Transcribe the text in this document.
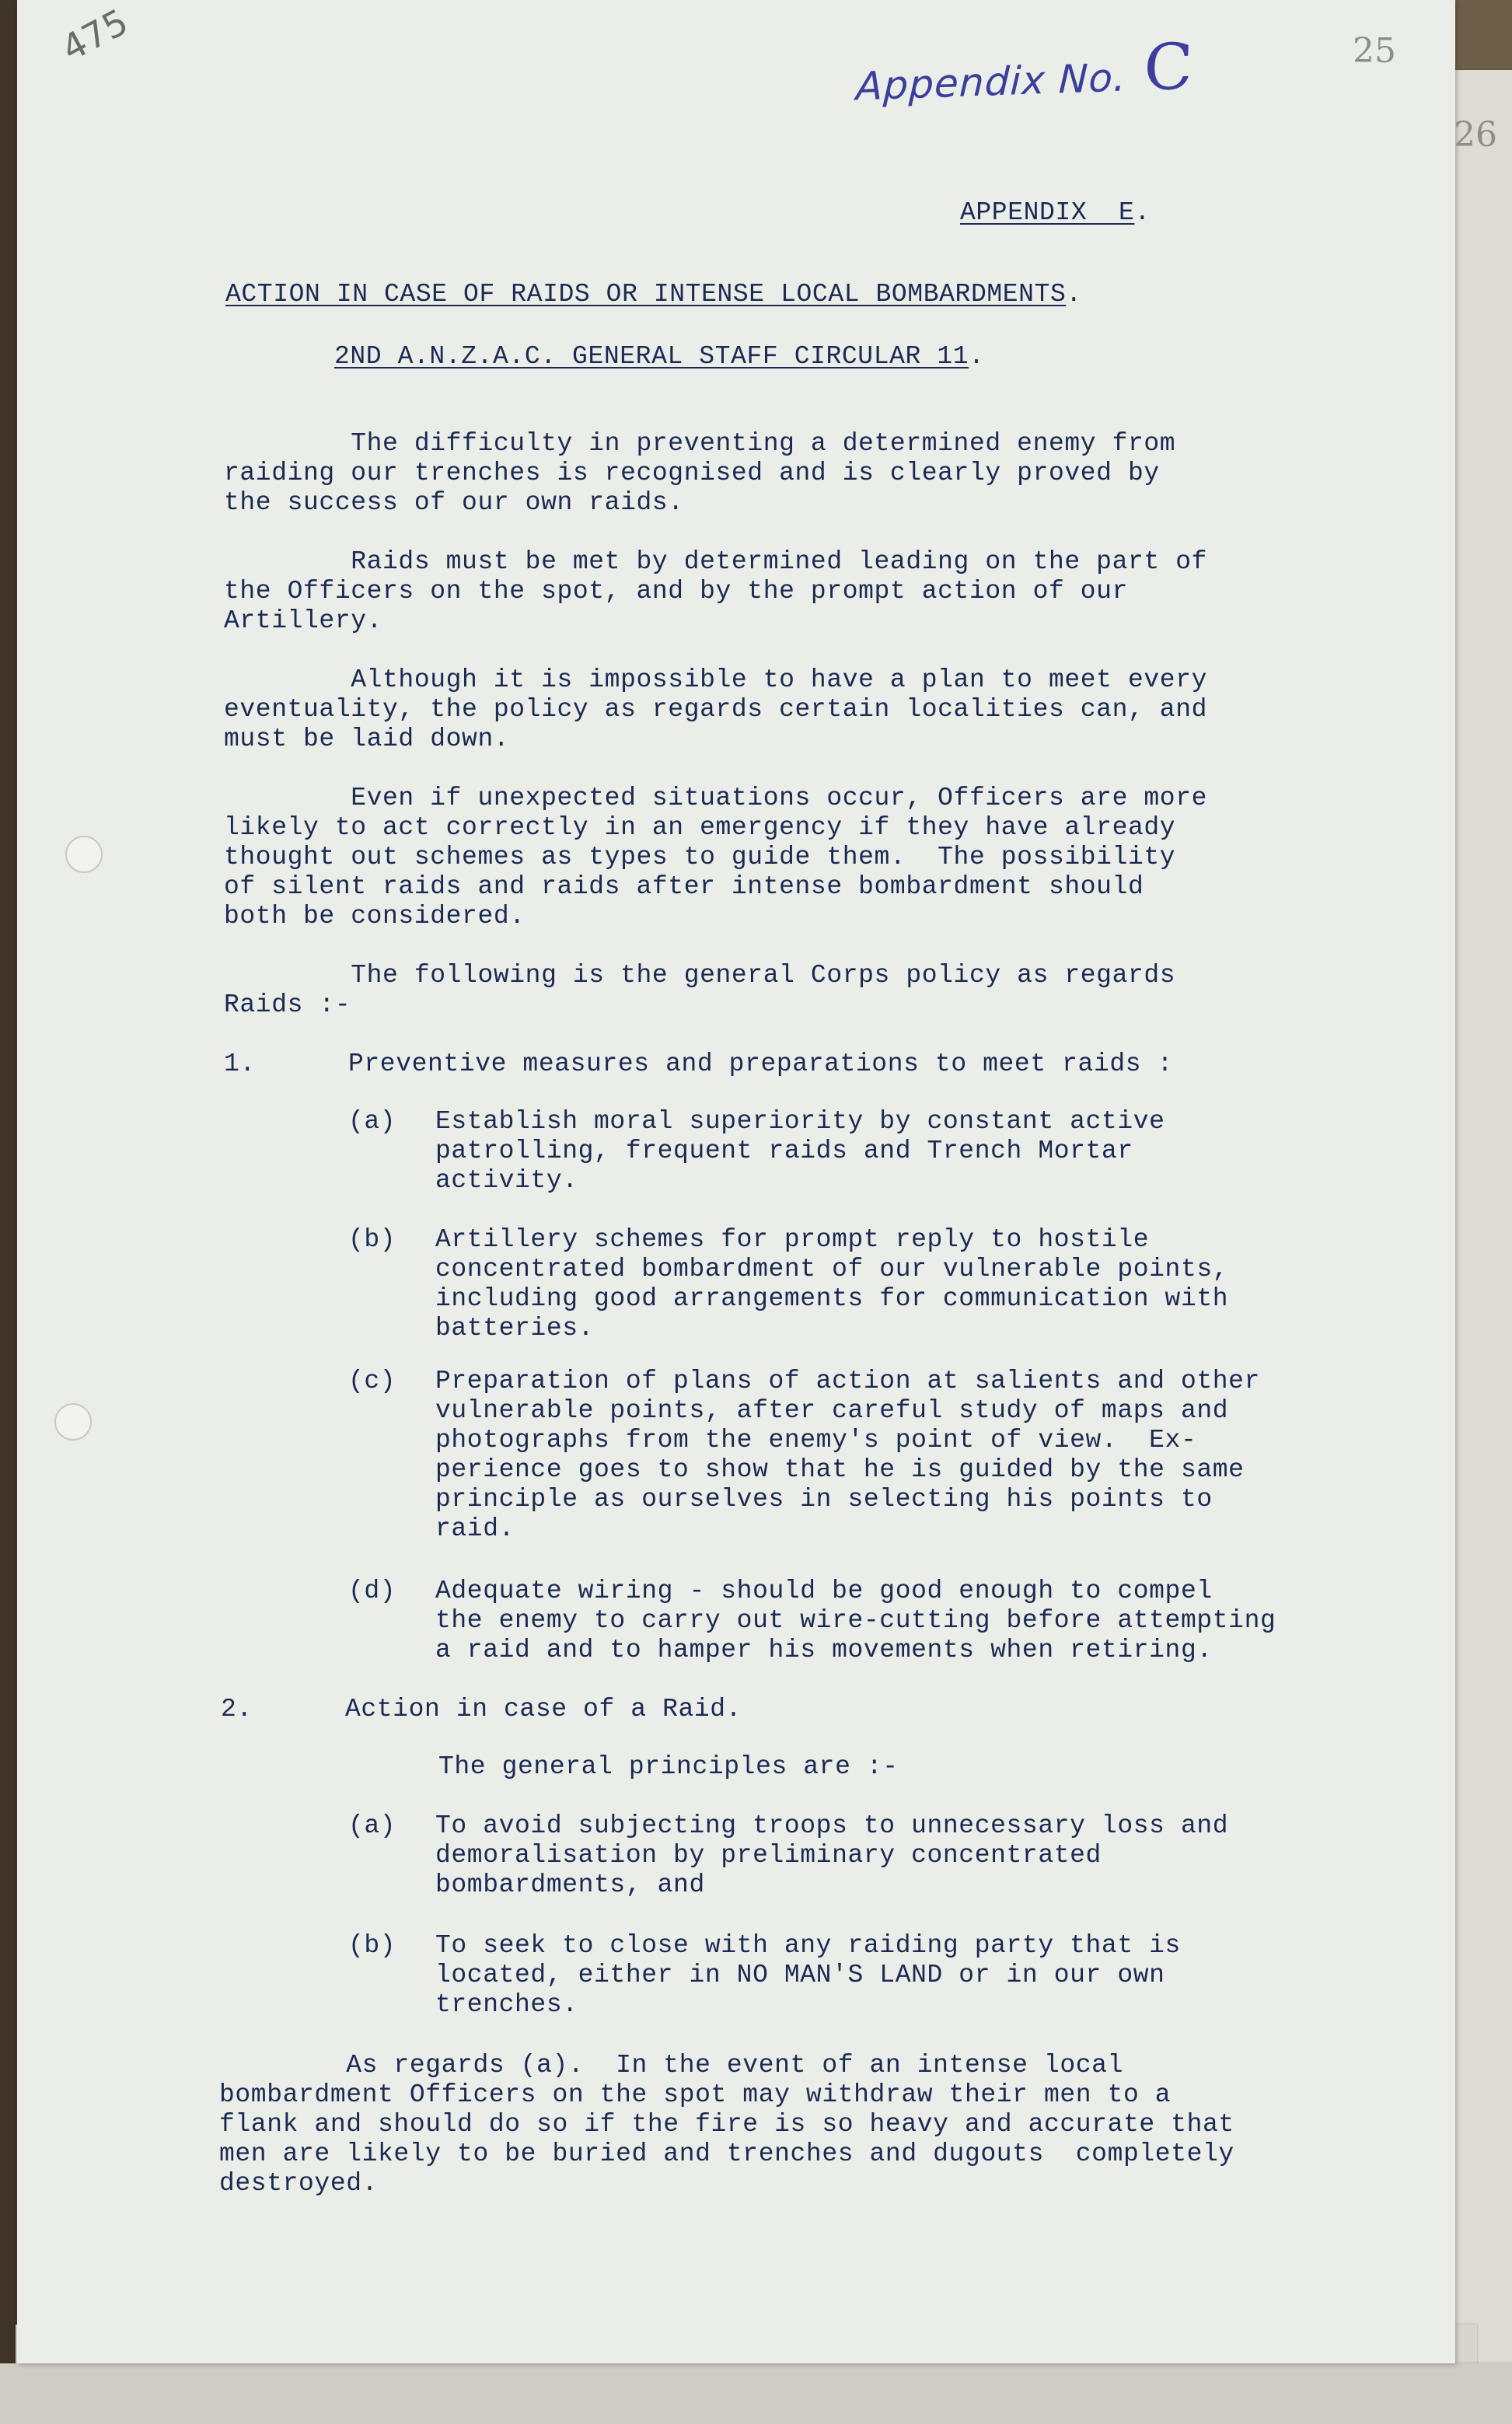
475	25
26
Appendix No. C
APPENDIX  E.
ACTION IN CASE OF RAIDS OR INTENSE LOCAL BOMBARDMENTS.
2ND A.N.Z.A.C. GENERAL STAFF CIRCULAR 11.
The difficulty in preventing a determined enemy from
raiding our trenches is recognised and is clearly proved by
the success of our own raids.
Raids must be met by determined leading on the part of
the Officers on the spot, and by the prompt action of our
Artillery.
Although it is impossible to have a plan to meet every
eventuality, the policy as regards certain localities can, and
must be laid down.
Even if unexpected situations occur, Officers are more
likely to act correctly in an emergency if they have already
thought out schemes as types to guide them.  The possibility
of silent raids and raids after intense bombardment should
both be considered.
The following is the general Corps policy as regards
Raids :-
1.	Preventive measures and preparations to meet raids :
(a) Establish moral superiority by constant active
patrolling, frequent raids and Trench Mortar
activity.
(b) Artillery schemes for prompt reply to hostile
concentrated bombardment of our vulnerable points,
including good arrangements for communication with
batteries.
(c) Preparation of plans of action at salients and other
vulnerable points, after careful study of maps and
photographs from the enemy's point of view.  Ex-
perience goes to show that he is guided by the same
principle as ourselves in selecting his points to
raid.
(d) Adequate wiring - should be good enough to compel
the enemy to carry out wire-cutting before attempting
a raid and to hamper his movements when retiring.
2.	Action in case of a Raid.
The general principles are :-
(a) To avoid subjecting troops to unnecessary loss and
demoralisation by preliminary concentrated
bombardments, and
(b) To seek to close with any raiding party that is
located, either in NO MAN'S LAND or in our own
trenches.
As regards (a).  In the event of an intense local
bombardment Officers on the spot may withdraw their men to a
flank and should do so if the fire is so heavy and accurate that
men are likely to be buried and trenches and dugouts  completely
destroyed.
